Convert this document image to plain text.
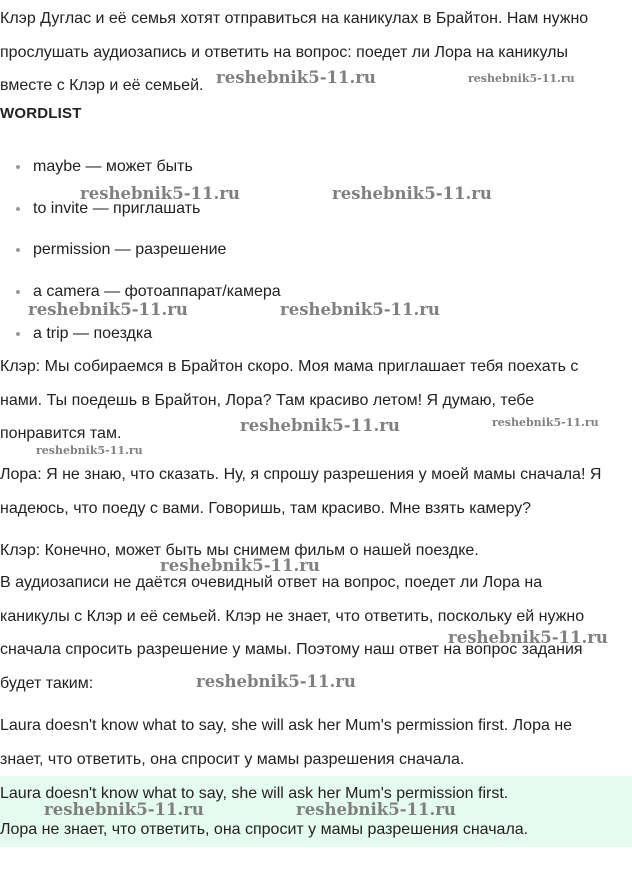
Клэр Дуглас и её семья хотят отправиться на каникулах в Брайтон. Нам нужно
прослушать аудиозапись и ответить на вопрос: поедет ли Лора на каникулы
вместе с Клэр и её семьей.
WORDLIST
maybe — может быть
to invite — приглашать
permission — разрешение
a camera — фотоаппарат/камера
a trip — поездка
Клэр: Мы собираемся в Брайтон скоро. Моя мама приглашает тебя поехать с
нами. Ты поедешь в Брайтон, Лора? Там красиво летом! Я думаю, тебе
понравится там.
Лора: Я не знаю, что сказать. Ну, я спрошу разрешения у моей мамы сначала! Я
надеюсь, что поеду с вами. Говоришь, там красиво. Мне взять камеру?
Клэр: Конечно, может быть мы снимем фильм о нашей поездке.
В аудиозаписи не даётся очевидный ответ на вопрос, поедет ли Лора на
каникулы с Клэр и её семьей. Клэр не знает, что ответить, поскольку ей нужно
сначала спросить разрешение у мамы. Поэтому наш ответ на вопрос задания
будет таким:
Laura doesn't know what to say, she will ask her Mum's permission first. Лора не
знает, что ответить, она спросит у мамы разрешения сначала.
Laura doesn't know what to say, she will ask her Mum's permission first.
Лора не знает, что ответить, она спросит у мамы разрешения сначала.
reshebnik5-11.ru	reshebnik5-11.ru
reshebnik5-11.ru	reshebnik5-11.ru
reshebnik5-11.ru	reshebnik5-11.ru
reshebnik5-11.ru	reshebnik5-11.ru
reshebnik5-11.ru
reshebnik5-11.ru
reshebnik5-11.ru
reshebnik5-11.ru
reshebnik5-11.ru	reshebnik5-11.ru
